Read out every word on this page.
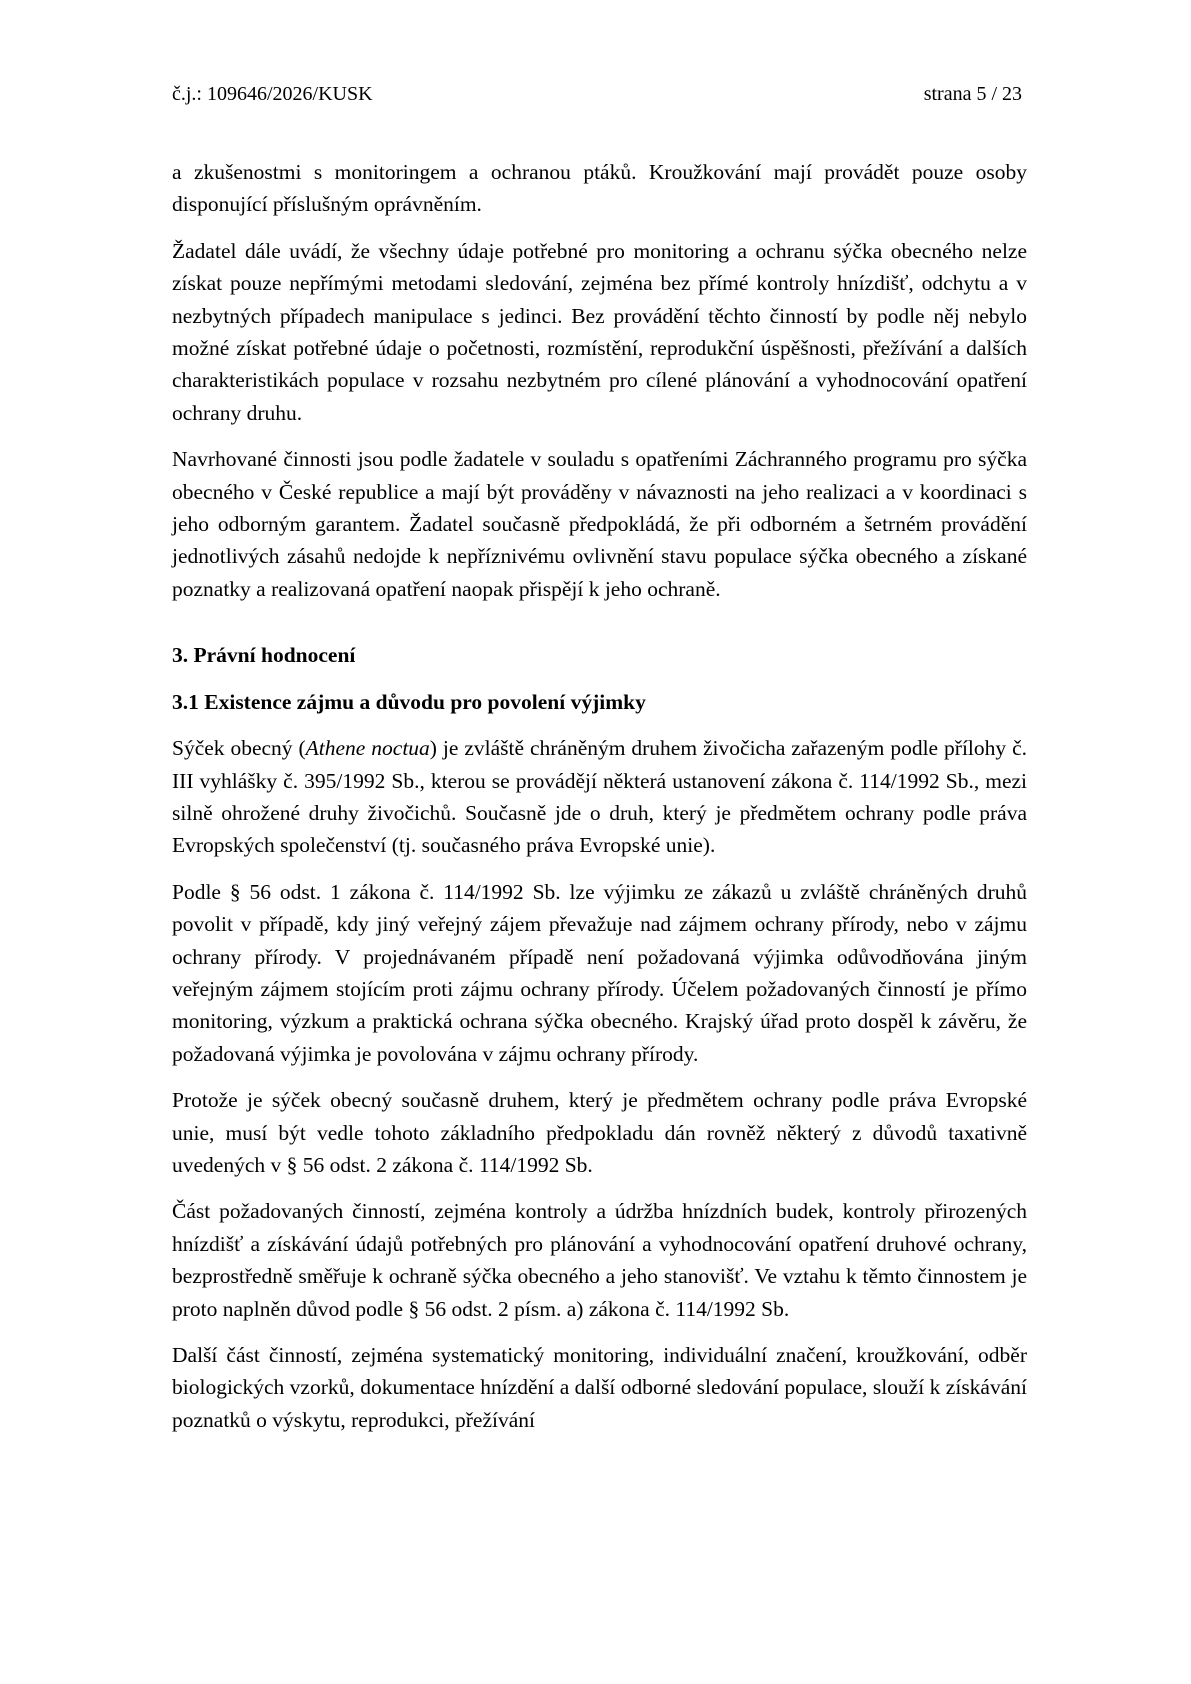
č.j.: 109646/2026/KUSK	strana 5 / 23

a zkušenostmi s monitoringem a ochranou ptáků. Kroužkování mají provádět pouze osoby disponující příslušným oprávněním.

Žadatel dále uvádí, že všechny údaje potřebné pro monitoring a ochranu sýčka obecného nelze získat pouze nepřímými metodami sledování, zejména bez přímé kontroly hnízdišť, odchytu a v nezbytných případech manipulace s jedinci. Bez provádění těchto činností by podle něj nebylo možné získat potřebné údaje o početnosti, rozmístění, reprodukční úspěšnosti, přežívání a dalších charakteristikách populace v rozsahu nezbytném pro cílené plánování a vyhodnocování opatření ochrany druhu.

Navrhované činnosti jsou podle žadatele v souladu s opatřeními Záchranného programu pro sýčka obecného v České republice a mají být prováděny v návaznosti na jeho realizaci a v koordinaci s jeho odborným garantem. Žadatel současně předpokládá, že při odborném a šetrném provádění jednotlivých zásahů nedojde k nepříznivému ovlivnění stavu populace sýčka obecného a získané poznatky a realizovaná opatření naopak přispějí k jeho ochraně.

3. Právní hodnocení
3.1 Existence zájmu a důvodu pro povolení výjimky

Sýček obecný (Athene noctua) je zvláště chráněným druhem živočicha zařazeným podle přílohy č. III vyhlášky č. 395/1992 Sb., kterou se provádějí některá ustanovení zákona č. 114/1992 Sb., mezi silně ohrožené druhy živočichů. Současně jde o druh, který je předmětem ochrany podle práva Evropských společenství (tj. současného práva Evropské unie).

Podle § 56 odst. 1 zákona č. 114/1992 Sb. lze výjimku ze zákazů u zvláště chráněných druhů povolit v případě, kdy jiný veřejný zájem převažuje nad zájmem ochrany přírody, nebo v zájmu ochrany přírody. V projednávaném případě není požadovaná výjimka odůvodňována jiným veřejným zájmem stojícím proti zájmu ochrany přírody. Účelem požadovaných činností je přímo monitoring, výzkum a praktická ochrana sýčka obecného. Krajský úřad proto dospěl k závěru, že požadovaná výjimka je povolována v zájmu ochrany přírody.

Protože je sýček obecný současně druhem, který je předmětem ochrany podle práva Evropské unie, musí být vedle tohoto základního předpokladu dán rovněž některý z důvodů taxativně uvedených v § 56 odst. 2 zákona č. 114/1992 Sb.

Část požadovaných činností, zejména kontroly a údržba hnízdních budek, kontroly přirozených hnízdišť a získávání údajů potřebných pro plánování a vyhodnocování opatření druhové ochrany, bezprostředně směřuje k ochraně sýčka obecného a jeho stanovišť. Ve vztahu k těmto činnostem je proto naplněn důvod podle § 56 odst. 2 písm. a) zákona č. 114/1992 Sb.

Další část činností, zejména systematický monitoring, individuální značení, kroužkování, odběr biologických vzorků, dokumentace hnízdění a další odborné sledování populace, slouží k získávání poznatků o výskytu, reprodukci, přežívání
